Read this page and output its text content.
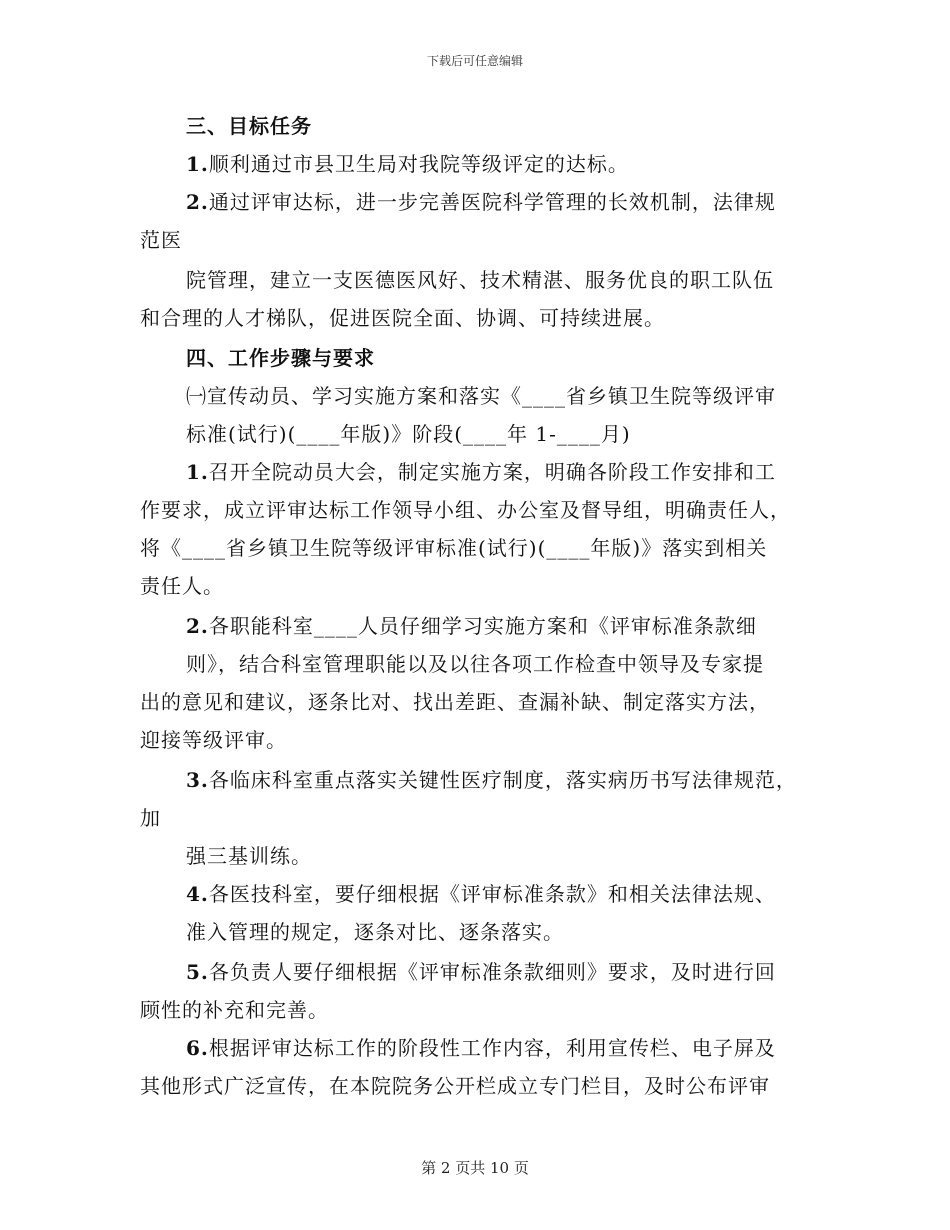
下载后可任意编辑
三、目标任务
1.顺利通过市县卫生局对我院等级评定的达标。
2.通过评审达标，进一步完善医院科学管理的长效机制，法律规
范医
院管理，建立一支医德医风好、技术精湛、服务优良的职工队伍
和合理的人才梯队，促进医院全面、协调、可持续进展。
四、工作步骤与要求
㈠宣传动员、学习实施方案和落实《____省乡镇卫生院等级评审
标准(试行)(____年版)》阶段(____年 1-____月)
1.召开全院动员大会，制定实施方案，明确各阶段工作安排和工
作要求，成立评审达标工作领导小组、办公室及督导组，明确责任人，
将《____省乡镇卫生院等级评审标准(试行)(____年版)》落实到相关
责任人。
2.各职能科室____人员仔细学习实施方案和《评审标准条款细
则》，结合科室管理职能以及以往各项工作检查中领导及专家提
出的意见和建议，逐条比对、找出差距、查漏补缺、制定落实方法，
迎接等级评审。
3.各临床科室重点落实关键性医疗制度，落实病历书写法律规范，
加
强三基训练。
4.各医技科室，要仔细根据《评审标准条款》和相关法律法规、
准入管理的规定，逐条对比、逐条落实。
5.各负责人要仔细根据《评审标准条款细则》要求，及时进行回
顾性的补充和完善。
6.根据评审达标工作的阶段性工作内容，利用宣传栏、电子屏及
其他形式广泛宣传，在本院院务公开栏成立专门栏目，及时公布评审
第 2 页共 10 页
